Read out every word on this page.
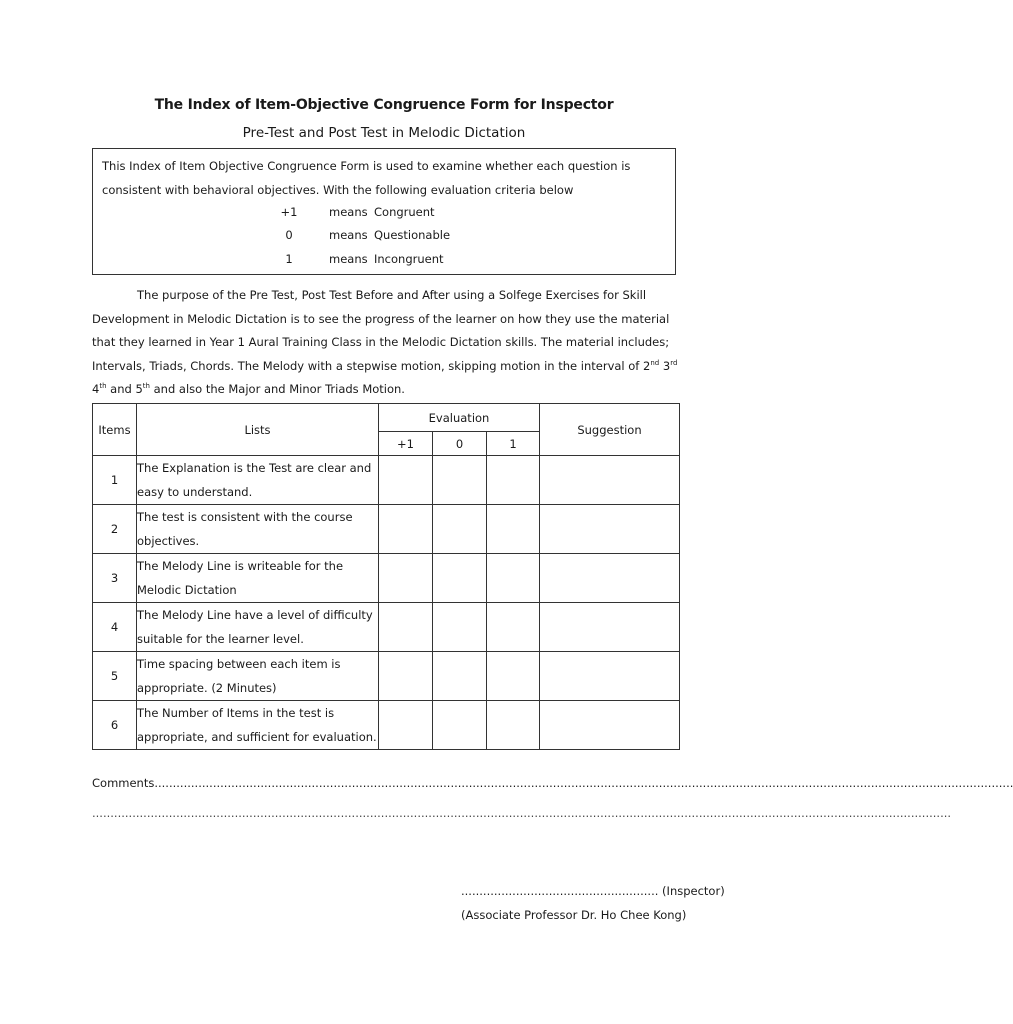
The Index of Item-Objective Congruence Form for Inspector
Pre-Test and Post Test in Melodic Dictation
This Index of Item Objective Congruence Form is used to examine whether each question is consistent with behavioral objectives. With the following evaluation criteria below
+1	means Congruent
0	means Questionable
1	means Incongruent
The purpose of the Pre Test, Post Test Before and After using a Solfege Exercises for Skill Development in Melodic Dictation is to see the progress of the learner on how they use the material that they learned in Year 1 Aural Training Class in the Melodic Dictation skills. The material includes; Intervals, Triads, Chords. The Melody with a stepwise motion, skipping motion in the interval of 2nd 3rd 4th and 5th and also the Major and Minor Triads Motion.
Items	Lists	Evaluation			Suggestion
		+1	0	1	
1	The Explanation is the Test are clear and
easy to understand.				
2	The test is consistent with the course
objectives.				
3	The Melody Line is writeable for the
Melodic Dictation				
4	The Melody Line have a level of difficulty
suitable for the learner level.				
5	Time spacing between each item is
appropriate. (2 Minutes)				
6	The Number of Items in the test is
appropriate, and sufficient for evaluation.				
Comments...........................................................................................................................................................................................................................................
...........................................................................................................................................................................................................................................
...................................................... (Inspector)
(Associate Professor Dr. Ho Chee Kong)
